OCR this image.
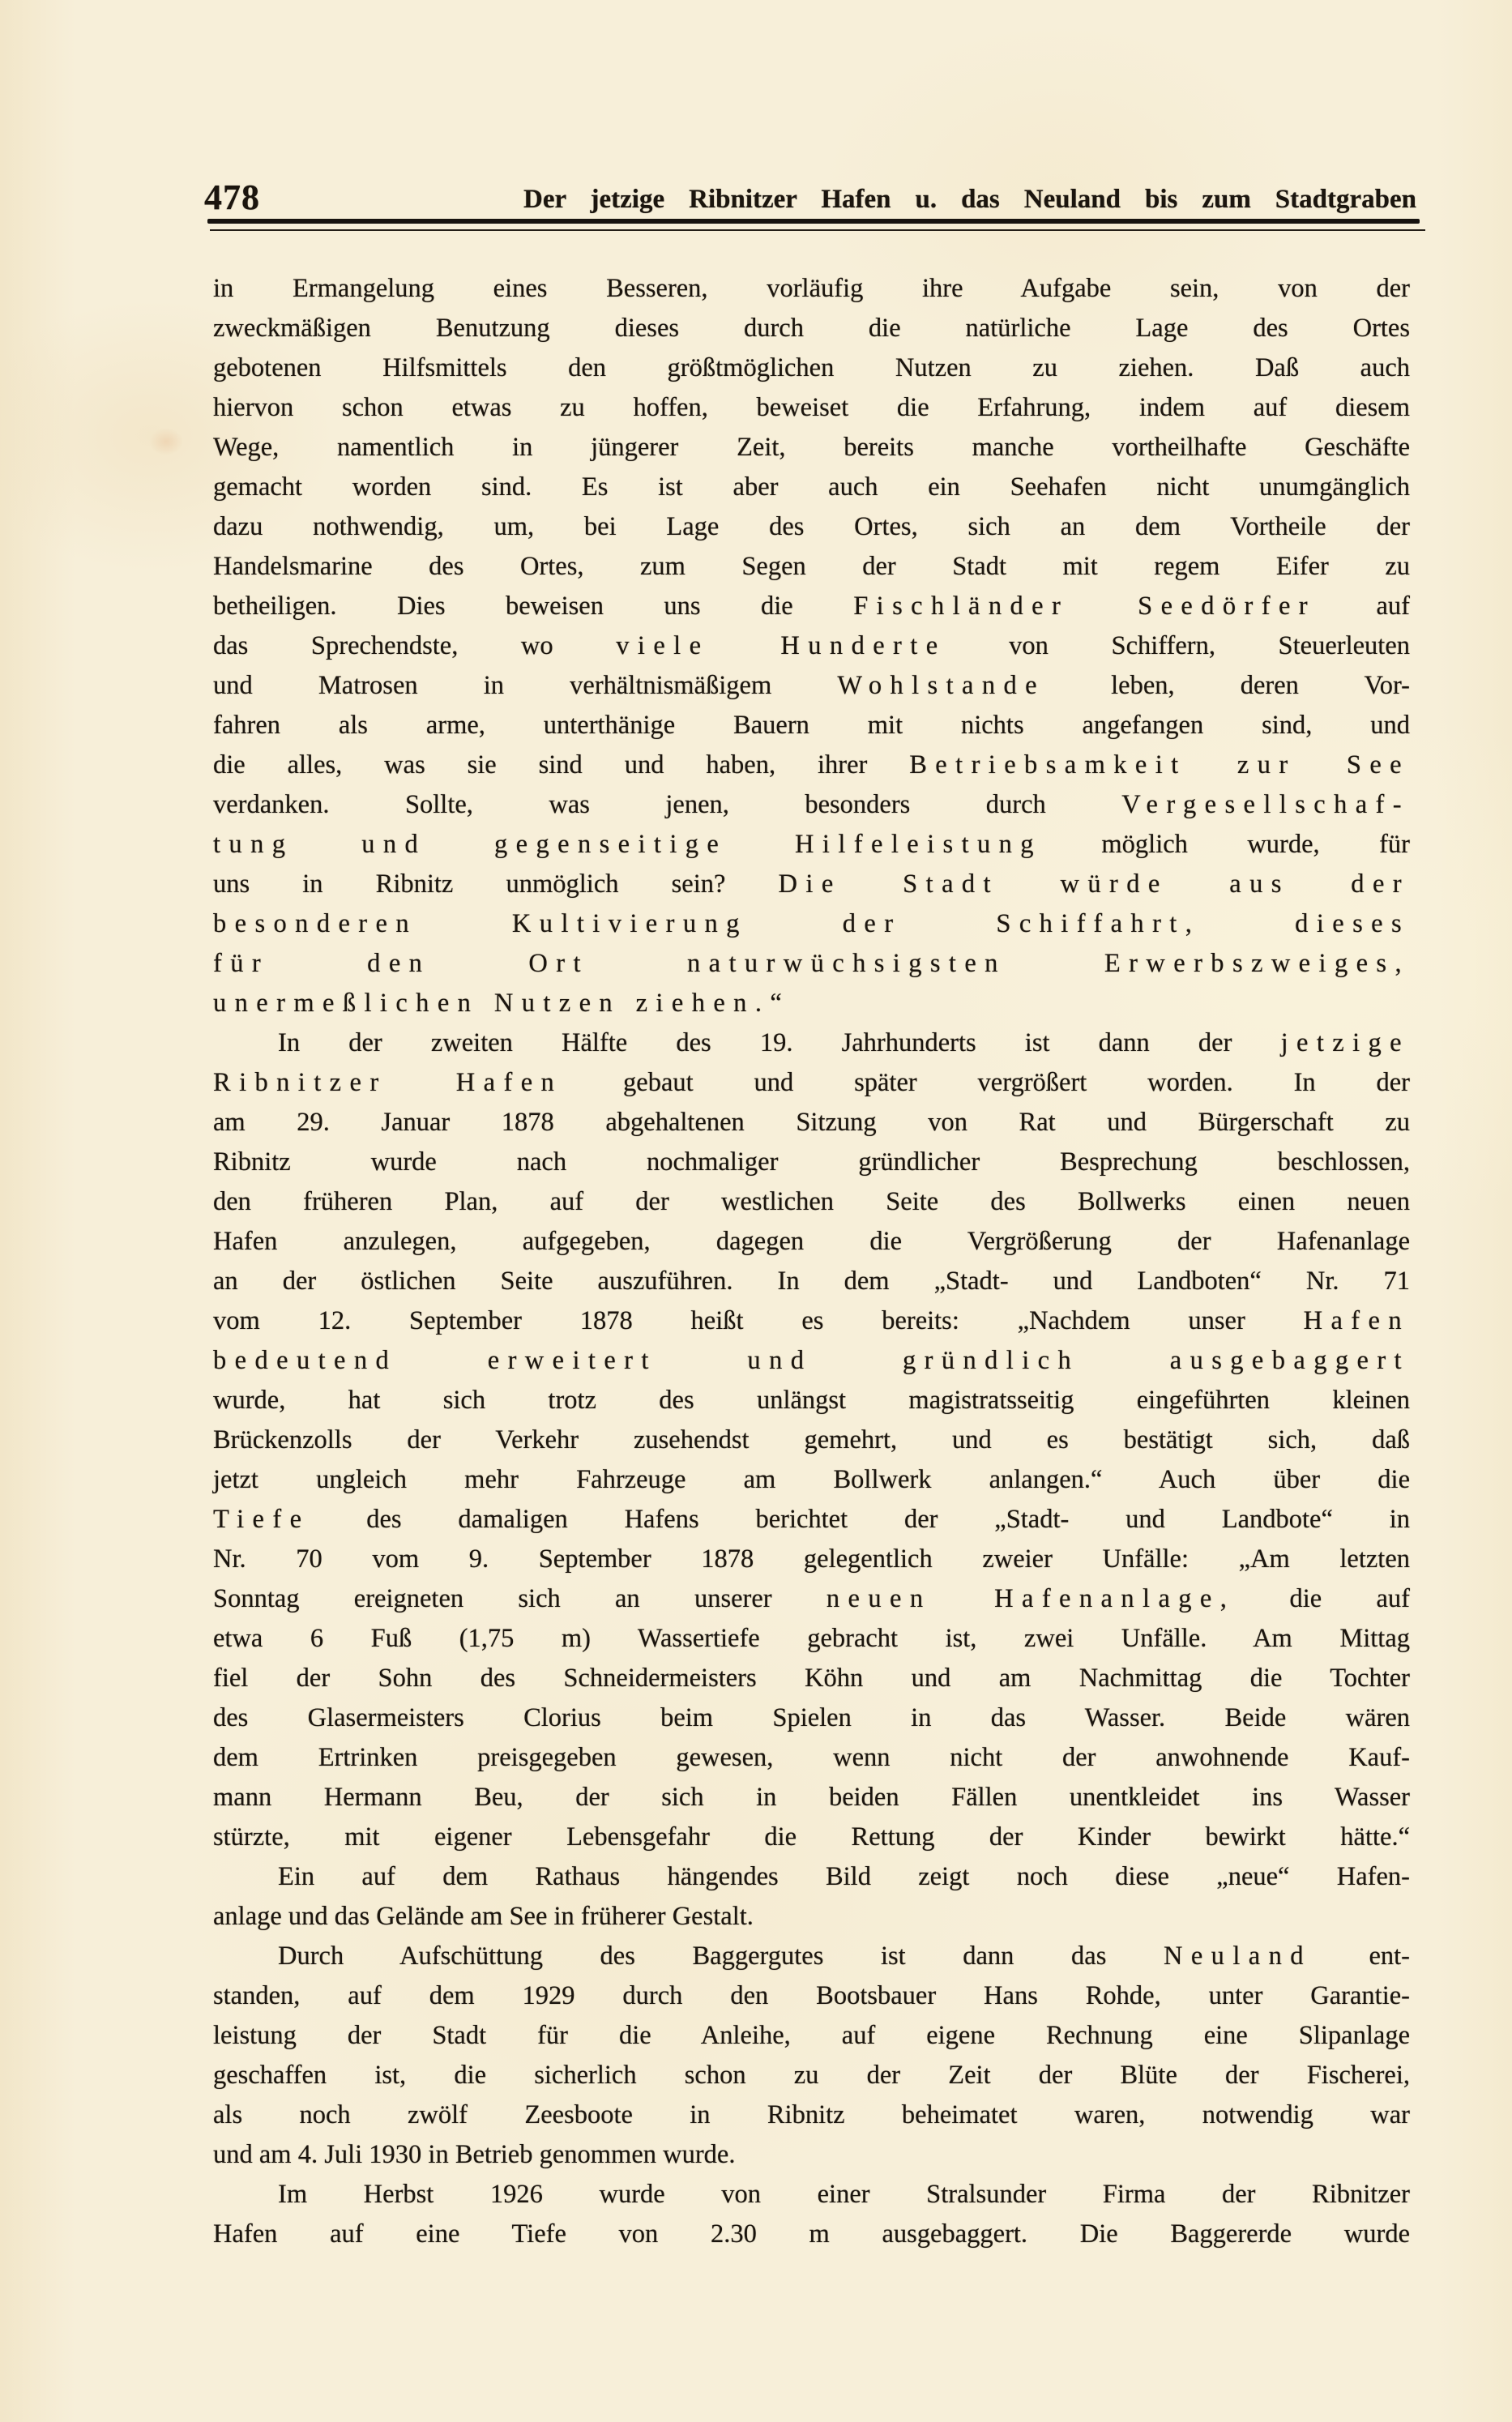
478	Der jetzige Ribnitzer Hafen u. das Neuland bis zum Stadtgraben
in Ermangelung eines Besseren, vorläufig ihre Aufgabe sein, von der
zweckmäßigen Benutzung dieses durch die natürliche Lage des Ortes
gebotenen Hilfsmittels den größtmöglichen Nutzen zu ziehen. Daß auch
hiervon schon etwas zu hoffen, beweiset die Erfahrung, indem auf diesem
Wege, namentlich in jüngerer Zeit, bereits manche vortheilhafte Geschäfte
gemacht worden sind. Es ist aber auch ein Seehafen nicht unumgänglich
dazu nothwendig, um, bei Lage des Ortes, sich an dem Vortheile der
Handelsmarine des Ortes, zum Segen der Stadt mit regem Eifer zu
betheiligen. Dies beweisen uns die Fischländer Seedörfer auf
das Sprechendste, wo viele Hunderte von Schiffern, Steuerleuten
und Matrosen in verhältnismäßigem Wohlstande leben, deren Vor-
fahren als arme, unterthänige Bauern mit nichts angefangen sind, und
die alles, was sie sind und haben, ihrer Betriebsamkeit zur See
verdanken. Sollte, was jenen, besonders durch Vergesellschaf-
tung und gegenseitige Hilfeleistung möglich wurde, für
uns in Ribnitz unmöglich sein? Die Stadt würde aus der
besonderen Kultivierung der Schiffahrt, dieses
für den Ort naturwüchsigsten Erwerbszweiges,
unermeßlichen Nutzen ziehen.“
In der zweiten Hälfte des 19. Jahrhunderts ist dann der jetzige
Ribnitzer Hafen gebaut und später vergrößert worden. In der
am 29. Januar 1878 abgehaltenen Sitzung von Rat und Bürgerschaft zu
Ribnitz wurde nach nochmaliger gründlicher Besprechung beschlossen,
den früheren Plan, auf der westlichen Seite des Bollwerks einen neuen
Hafen anzulegen, aufgegeben, dagegen die Vergrößerung der Hafenanlage
an der östlichen Seite auszuführen. In dem „Stadt- und Landboten“ Nr. 71
vom 12. September 1878 heißt es bereits: „Nachdem unser Hafen
bedeutend erweitert und gründlich ausgebaggert
wurde, hat sich trotz des unlängst magistratsseitig eingeführten kleinen
Brückenzolls der Verkehr zusehendst gemehrt, und es bestätigt sich, daß
jetzt ungleich mehr Fahrzeuge am Bollwerk anlangen.“ Auch über die
Tiefe des damaligen Hafens berichtet der „Stadt- und Landbote“ in
Nr. 70 vom 9. September 1878 gelegentlich zweier Unfälle: „Am letzten
Sonntag ereigneten sich an unserer neuen Hafenanlage, die auf
etwa 6 Fuß (1,75 m) Wassertiefe gebracht ist, zwei Unfälle. Am Mittag
fiel der Sohn des Schneidermeisters Köhn und am Nachmittag die Tochter
des Glasermeisters Clorius beim Spielen in das Wasser. Beide wären
dem Ertrinken preisgegeben gewesen, wenn nicht der anwohnende Kauf-
mann Hermann Beu, der sich in beiden Fällen unentkleidet ins Wasser
stürzte, mit eigener Lebensgefahr die Rettung der Kinder bewirkt hätte.“
Ein auf dem Rathaus hängendes Bild zeigt noch diese „neue“ Hafen-
anlage und das Gelände am See in früherer Gestalt.
Durch Aufschüttung des Baggergutes ist dann das Neuland ent-
standen, auf dem 1929 durch den Bootsbauer Hans Rohde, unter Garantie-
leistung der Stadt für die Anleihe, auf eigene Rechnung eine Slipanlage
geschaffen ist, die sicherlich schon zu der Zeit der Blüte der Fischerei,
als noch zwölf Zeesboote in Ribnitz beheimatet waren, notwendig war
und am 4. Juli 1930 in Betrieb genommen wurde.
Im Herbst 1926 wurde von einer Stralsunder Firma der Ribnitzer
Hafen auf eine Tiefe von 2.30 m ausgebaggert. Die Baggererde wurde
